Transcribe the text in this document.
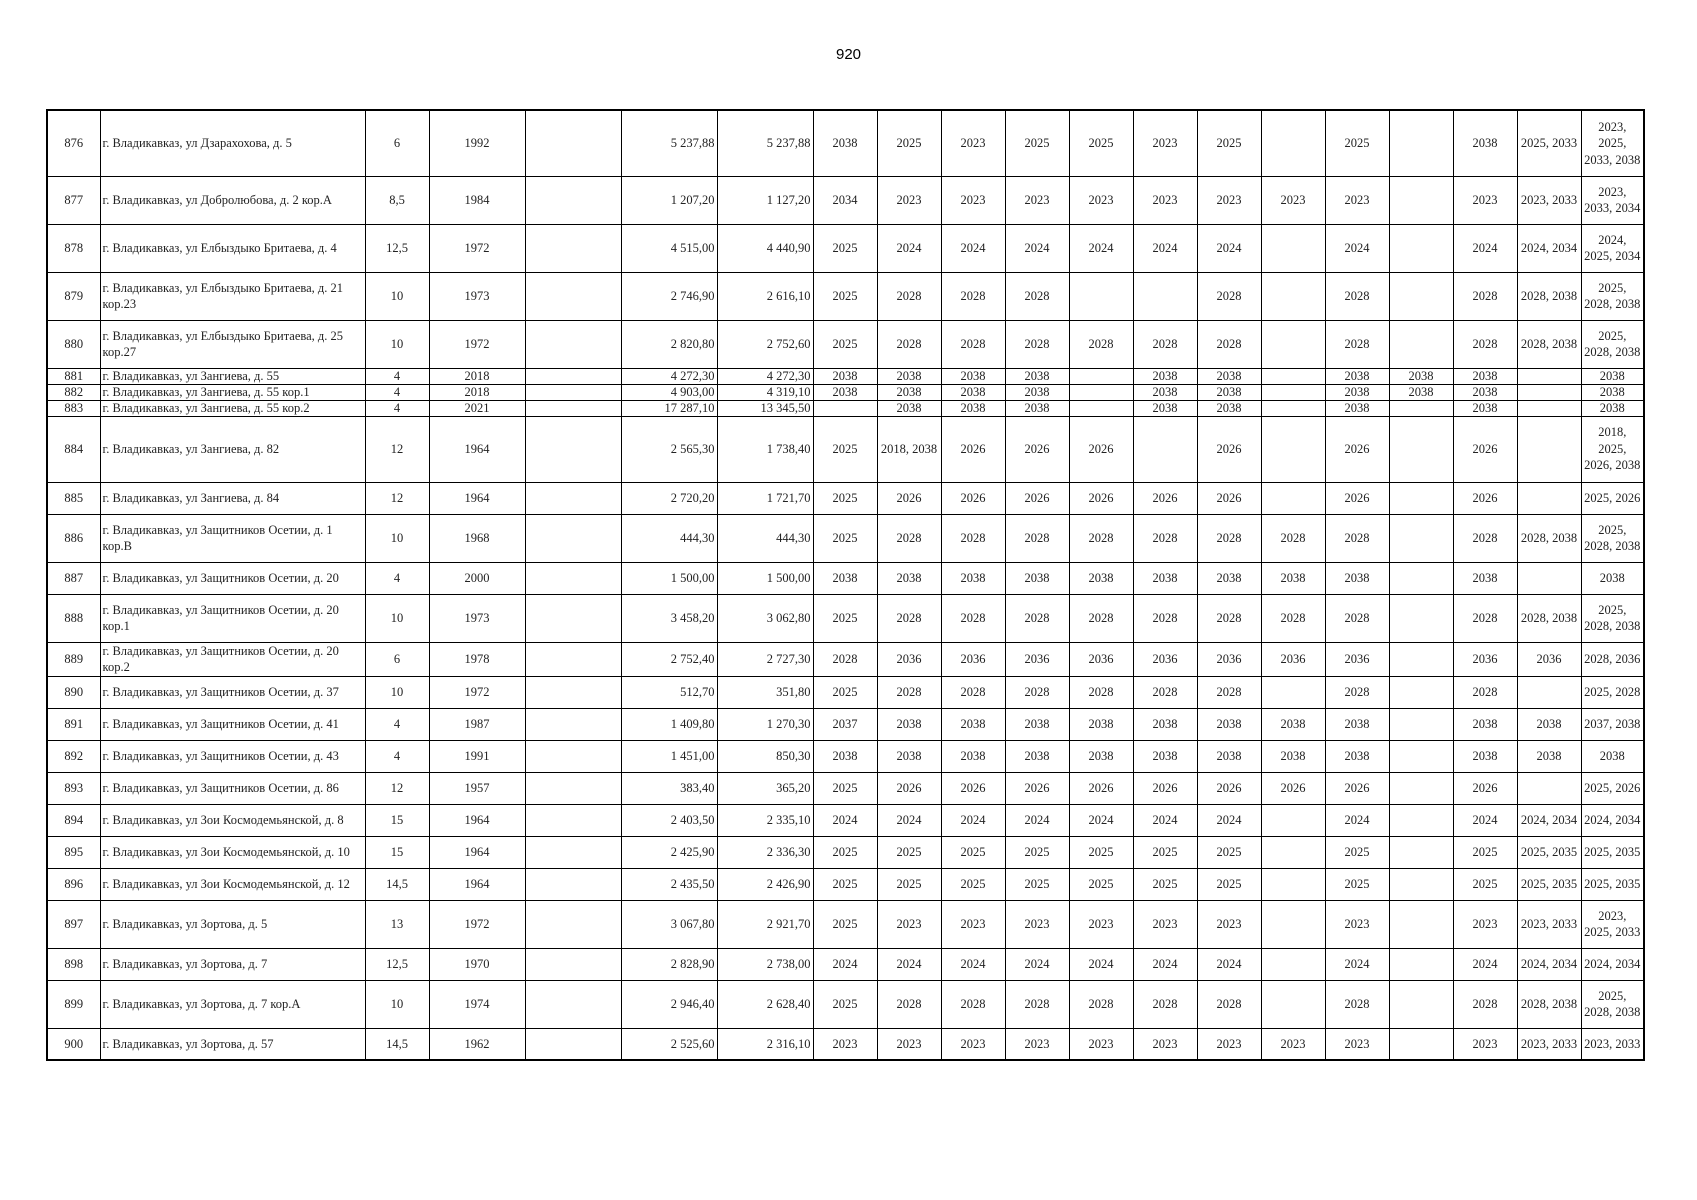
920
876	г. Владикавказ, ул Дзарахохова, д. 5	6	1992		5 237,88	5 237,88	2038	2025	2023	2025	2025	2023	2025		2025		2038	2025, 2033	2023, 2025, 2033, 2038
877	г. Владикавказ, ул Добролюбова, д. 2 кор.А	8,5	1984		1 207,20	1 127,20	2034	2023	2023	2023	2023	2023	2023	2023	2023		2023	2023, 2033	2023, 2033, 2034
878	г. Владикавказ, ул Елбыздыко Бритаева, д. 4	12,5	1972		4 515,00	4 440,90	2025	2024	2024	2024	2024	2024	2024		2024		2024	2024, 2034	2024, 2025, 2034
879	г. Владикавказ, ул Елбыздыко Бритаева, д. 21 кор.23	10	1973		2 746,90	2 616,10	2025	2028	2028	2028			2028		2028		2028	2028, 2038	2025, 2028, 2038
880	г. Владикавказ, ул Елбыздыко Бритаева, д. 25 кор.27	10	1972		2 820,80	2 752,60	2025	2028	2028	2028	2028	2028	2028		2028		2028	2028, 2038	2025, 2028, 2038
881	г. Владикавказ, ул Зангиева, д. 55	4	2018		4 272,30	4 272,30	2038	2038	2038	2038		2038	2038		2038	2038	2038		2038
882	г. Владикавказ, ул Зангиева, д. 55 кор.1	4	2018		4 903,00	4 319,10	2038	2038	2038	2038		2038	2038		2038	2038	2038		2038
883	г. Владикавказ, ул Зангиева, д. 55 кор.2	4	2021		17 287,10	13 345,50		2038	2038	2038		2038	2038		2038		2038		2038
884	г. Владикавказ, ул Зангиева, д. 82	12	1964		2 565,30	1 738,40	2025	2018, 2038	2026	2026	2026		2026		2026		2026		2018, 2025, 2026, 2038
885	г. Владикавказ, ул Зангиева, д. 84	12	1964		2 720,20	1 721,70	2025	2026	2026	2026	2026	2026	2026		2026		2026		2025, 2026
886	г. Владикавказ, ул Защитников Осетии, д. 1 кор.В	10	1968		444,30	444,30	2025	2028	2028	2028	2028	2028	2028	2028	2028		2028	2028, 2038	2025, 2028, 2038
887	г. Владикавказ, ул Защитников Осетии, д. 20	4	2000		1 500,00	1 500,00	2038	2038	2038	2038	2038	2038	2038	2038	2038		2038		2038
888	г. Владикавказ, ул Защитников Осетии, д. 20 кор.1	10	1973		3 458,20	3 062,80	2025	2028	2028	2028	2028	2028	2028	2028	2028		2028	2028, 2038	2025, 2028, 2038
889	г. Владикавказ, ул Защитников Осетии, д. 20 кор.2	6	1978		2 752,40	2 727,30	2028	2036	2036	2036	2036	2036	2036	2036	2036		2036	2036	2028, 2036
890	г. Владикавказ, ул Защитников Осетии, д. 37	10	1972		512,70	351,80	2025	2028	2028	2028	2028	2028	2028		2028		2028		2025, 2028
891	г. Владикавказ, ул Защитников Осетии, д. 41	4	1987		1 409,80	1 270,30	2037	2038	2038	2038	2038	2038	2038	2038	2038		2038	2038	2037, 2038
892	г. Владикавказ, ул Защитников Осетии, д. 43	4	1991		1 451,00	850,30	2038	2038	2038	2038	2038	2038	2038	2038	2038		2038	2038	2038
893	г. Владикавказ, ул Защитников Осетии, д. 86	12	1957		383,40	365,20	2025	2026	2026	2026	2026	2026	2026	2026	2026		2026		2025, 2026
894	г. Владикавказ, ул Зои Космодемьянской, д. 8	15	1964		2 403,50	2 335,10	2024	2024	2024	2024	2024	2024	2024		2024		2024	2024, 2034	2024, 2034
895	г. Владикавказ, ул Зои Космодемьянской, д. 10	15	1964		2 425,90	2 336,30	2025	2025	2025	2025	2025	2025	2025		2025		2025	2025, 2035	2025, 2035
896	г. Владикавказ, ул Зои Космодемьянской, д. 12	14,5	1964		2 435,50	2 426,90	2025	2025	2025	2025	2025	2025	2025		2025		2025	2025, 2035	2025, 2035
897	г. Владикавказ, ул Зортова, д. 5	13	1972		3 067,80	2 921,70	2025	2023	2023	2023	2023	2023	2023		2023		2023	2023, 2033	2023, 2025, 2033
898	г. Владикавказ, ул Зортова, д. 7	12,5	1970		2 828,90	2 738,00	2024	2024	2024	2024	2024	2024	2024		2024		2024	2024, 2034	2024, 2034
899	г. Владикавказ, ул Зортова, д. 7 кор.А	10	1974		2 946,40	2 628,40	2025	2028	2028	2028	2028	2028	2028		2028		2028	2028, 2038	2025, 2028, 2038
900	г. Владикавказ, ул Зортова, д. 57	14,5	1962		2 525,60	2 316,10	2023	2023	2023	2023	2023	2023	2023	2023	2023		2023	2023, 2033	2023, 2033
